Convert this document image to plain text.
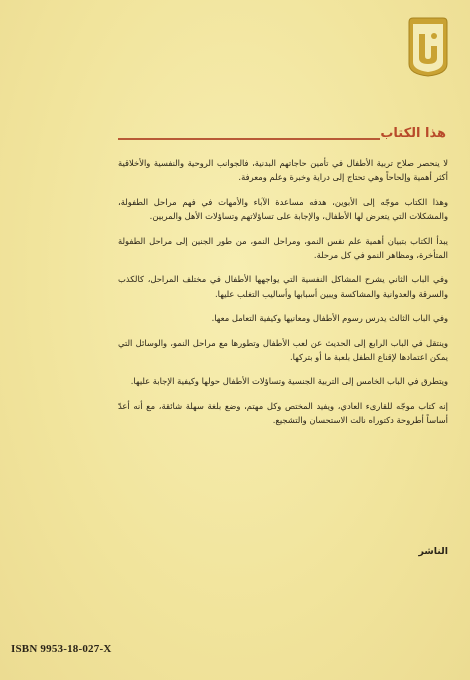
هذا الكتاب

لا ينحصر صلاح تربية الأطفال في تأمين حاجاتهم البدنية، فالجوانب الروحية والنفسية والأخلاقية أكثر أهمية وإلحاحاً وهي تحتاج إلى دراية وخبرة وعلم ومعرفة.

وهذا الكتاب موجّه إلى الأبوين، هدفه مساعدة الآباء والأمهات في فهم مراحل الطفولة، والمشكلات التي يتعرض لها الأطفال، والإجابة على تساؤلاتهم وتساؤلات الأهل والمربين.

يبدأ الكتاب بتبيان أهمية علم نفس النمو، ومراحل النمو، من طور الجنين إلى مراحل الطفولة المتأخرة، ومظاهر النمو في كل مرحلة.

وفي الباب الثاني يشرح المشاكل النفسية التي يواجهها الأطفال في مختلف المراحل، كالكذب والسرقة والعدوانية والمشاكسة ويبين أسبابها وأساليب التغلب عليها.

وفي الباب الثالث يدرس رسوم الأطفال ومعانيها وكيفية التعامل معها.

وينتقل في الباب الرابع إلى الحديث عن لعب الأطفال وتطورها مع مراحل النمو، والوسائل التي يمكن اعتمادها لإقناع الطفل بلعبة ما أو بتركها.

ويتطرق في الباب الخامس إلى التربية الجنسية وتساؤلات الأطفال حولها وكيفية الإجابة عليها.

إنه كتاب موجّه للقارىء العادي، ويفيد المختص وكل مهتم، وضع بلغة سهلة شائقة، مع أنه أعدّ أساساً أطروحة دكتوراه نالت الاستحسان والتشجيع.

الناشر
ISBN 9953-18-027-X
